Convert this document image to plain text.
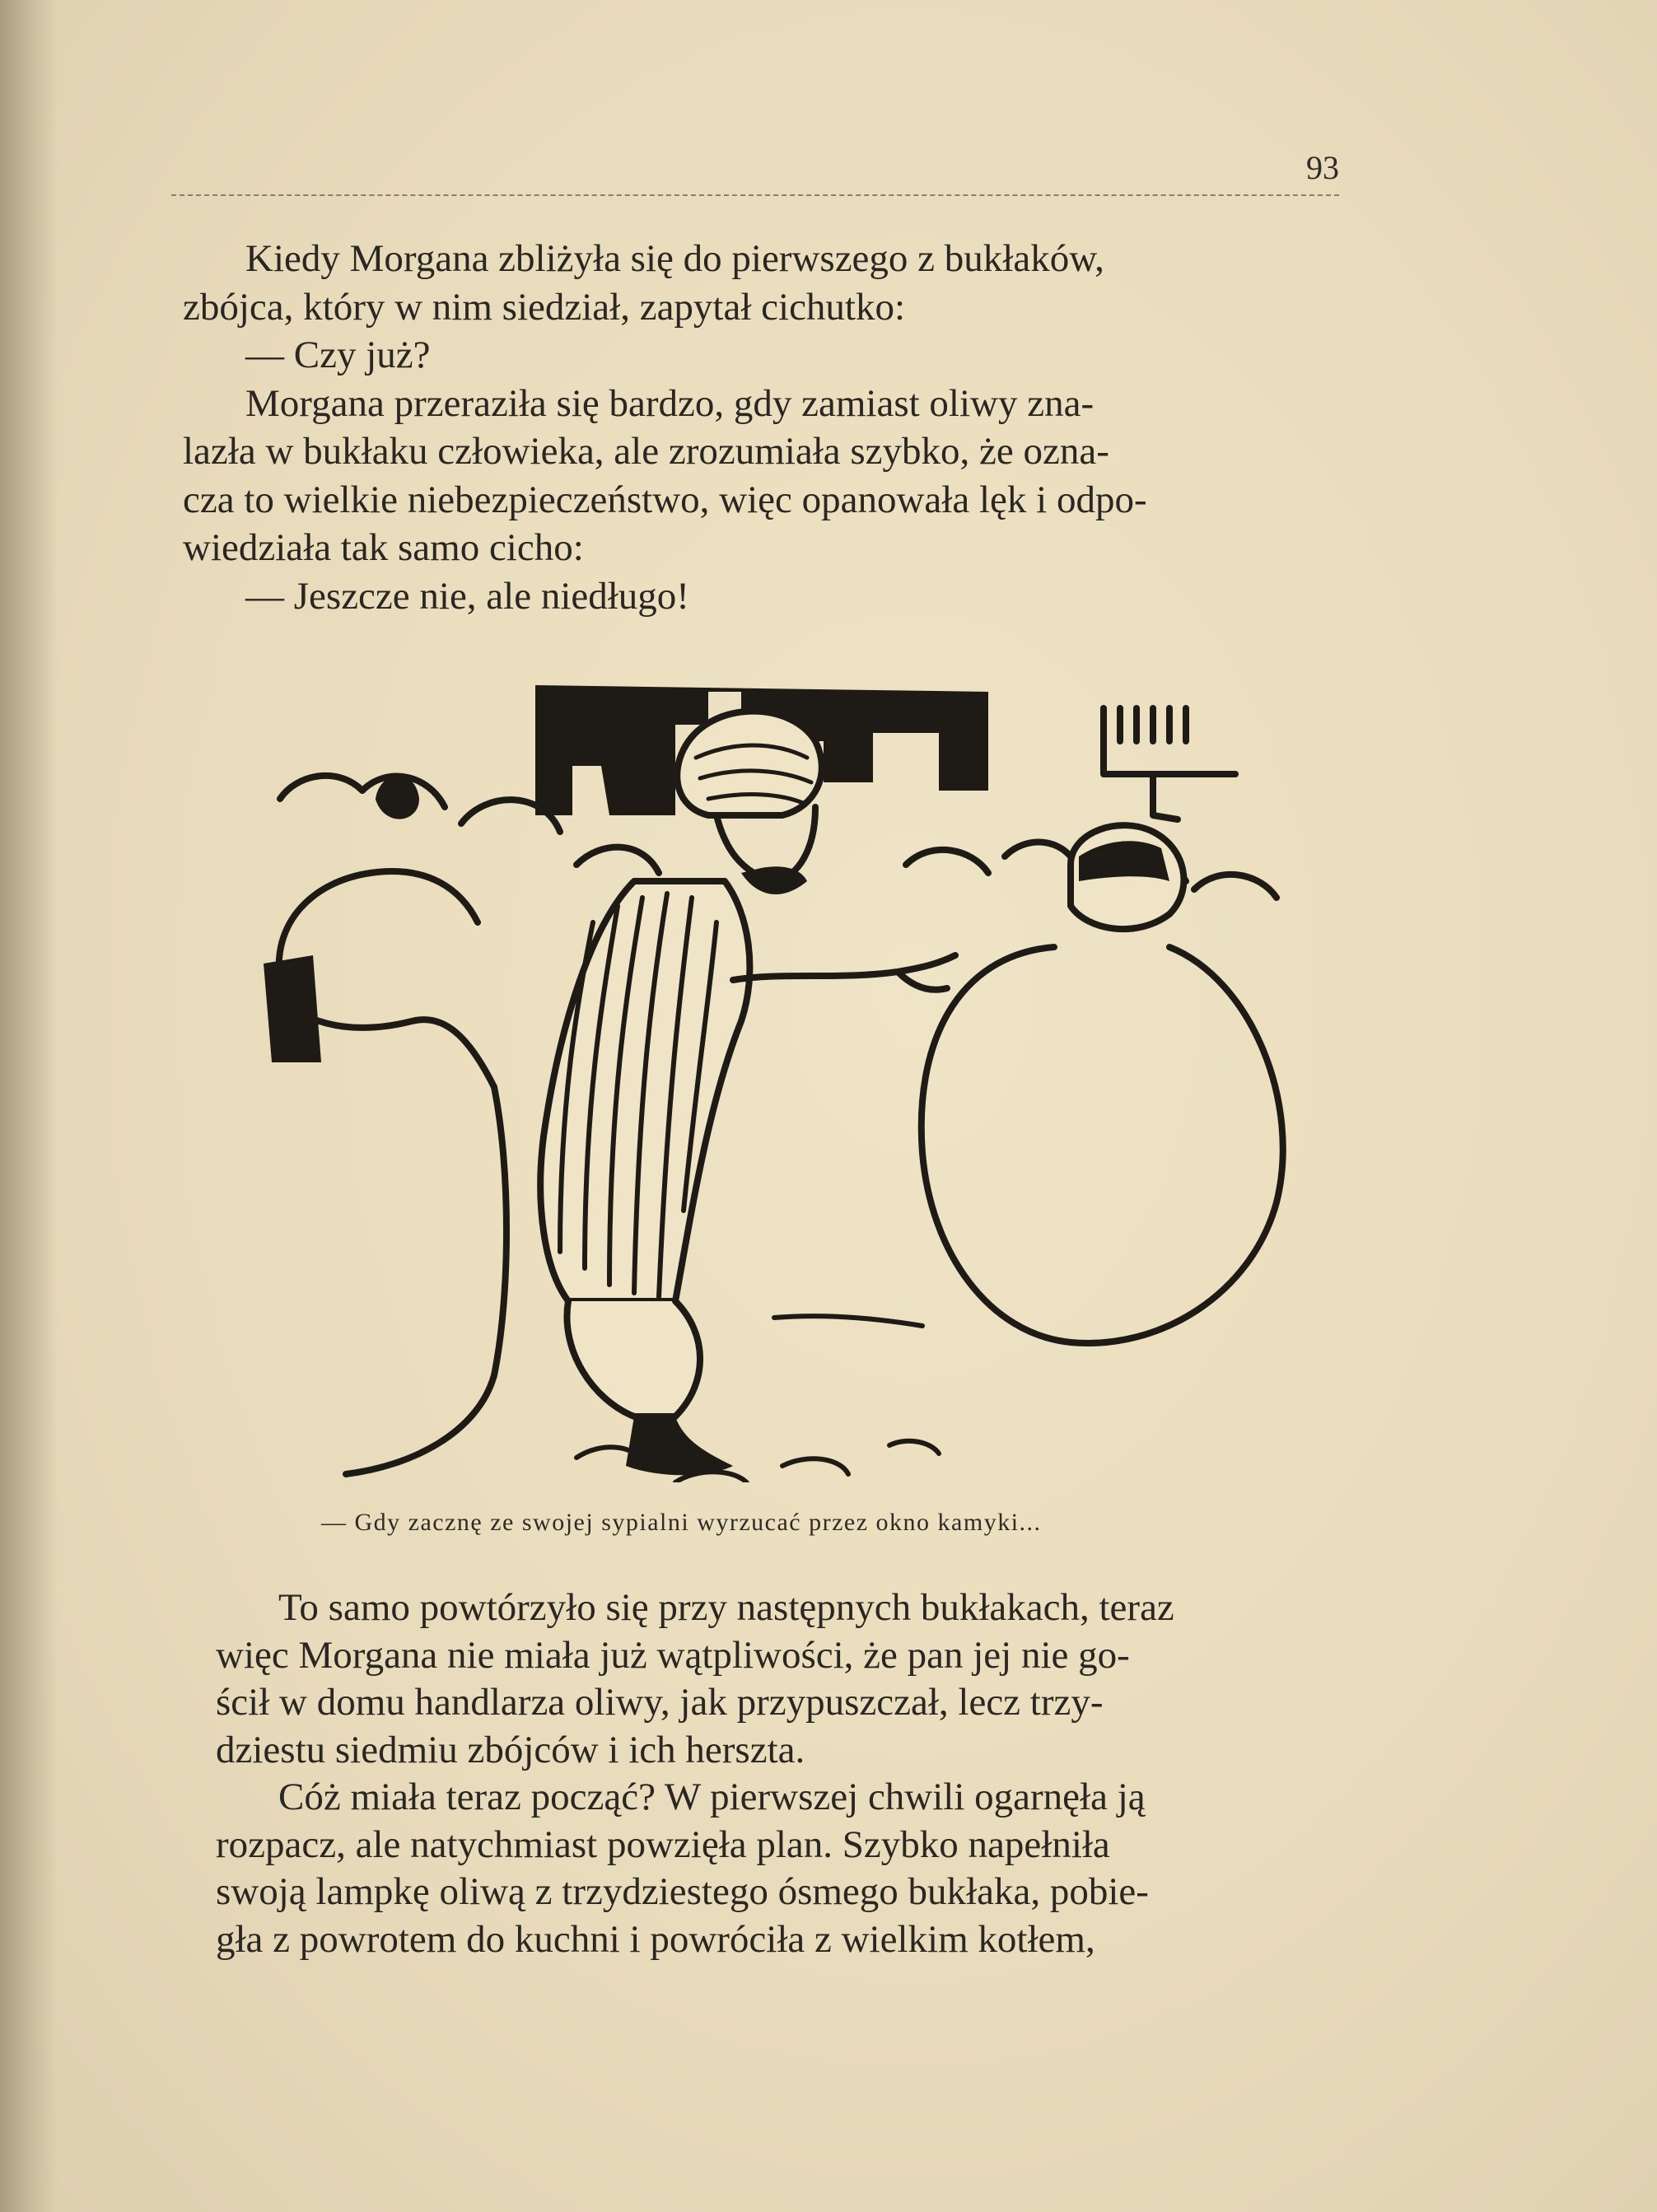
93
Kiedy Morgana zbliżyła się do pierwszego z bukłaków,
zbójca, który w nim siedział, zapytał cichutko:
— Czy już?
Morgana przeraziła się bardzo, gdy zamiast oliwy zna-
lazła w bukłaku człowieka, ale zrozumiała szybko, że ozna-
cza to wielkie niebezpieczeństwo, więc opanowała lęk i odpo-
wiedziała tak samo cicho:
— Jeszcze nie, ale niedługo!
— Gdy zacznę ze swojej sypialni wyrzucać przez okno kamyki...
To samo powtórzyło się przy następnych bukłakach, teraz
więc Morgana nie miała już wątpliwości, że pan jej nie go-
ścił w domu handlarza oliwy, jak przypuszczał, lecz trzy-
dziestu siedmiu zbójców i ich herszta.
Cóż miała teraz począć? W pierwszej chwili ogarnęła ją
rozpacz, ale natychmiast powzięła plan. Szybko napełniła
swoją lampkę oliwą z trzydziestego ósmego bukłaka, pobie-
gła z powrotem do kuchni i powróciła z wielkim kotłem,
